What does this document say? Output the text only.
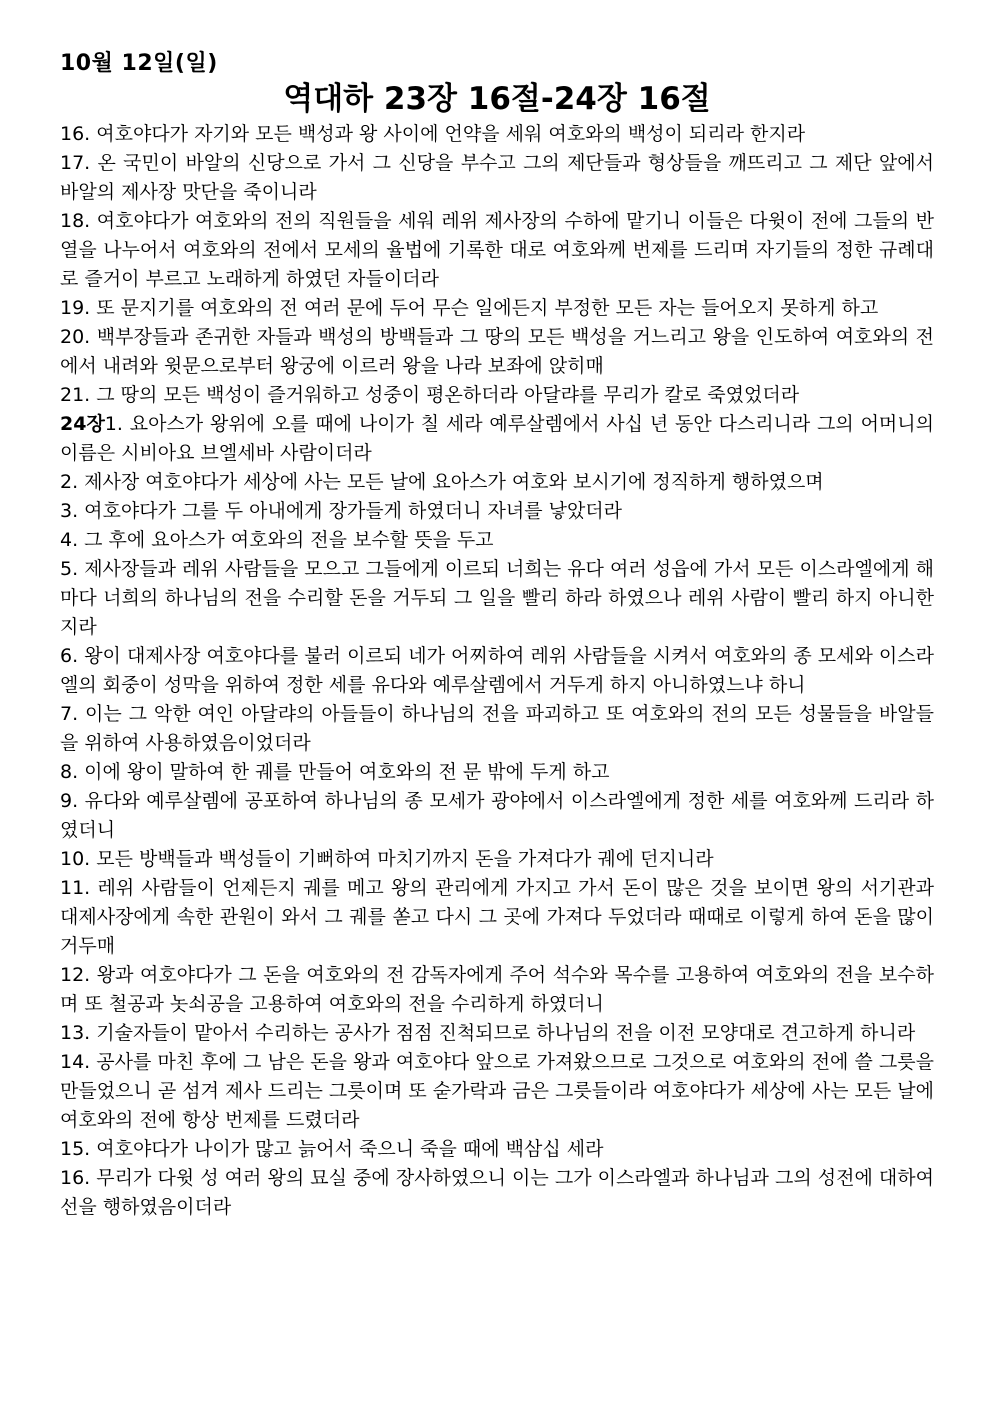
10월 12일(일)
역대하 23장 16절-24장 16절

16. 여호야다가 자기와 모든 백성과 왕 사이에 언약을 세워 여호와의 백성이 되리라 한지라

17. 온 국민이 바알의 신당으로 가서 그 신당을 부수고 그의 제단들과 형상들을 깨뜨리고 그 제단 앞에서 바알의 제사장 맛단을 죽이니라

18. 여호야다가 여호와의 전의 직원들을 세워 레위 제사장의 수하에 맡기니 이들은 다윗이 전에 그들의 반열을 나누어서 여호와의 전에서 모세의 율법에 기록한 대로 여호와께 번제를 드리며 자기들의 정한 규례대로 즐거이 부르고 노래하게 하였던 자들이더라

19. 또 문지기를 여호와의 전 여러 문에 두어 무슨 일에든지 부정한 모든 자는 들어오지 못하게 하고

20. 백부장들과 존귀한 자들과 백성의 방백들과 그 땅의 모든 백성을 거느리고 왕을 인도하여 여호와의 전에서 내려와 윗문으로부터 왕궁에 이르러 왕을 나라 보좌에 앉히매

21. 그 땅의 모든 백성이 즐거워하고 성중이 평온하더라 아달랴를 무리가 칼로 죽였었더라

24장1. 요아스가 왕위에 오를 때에 나이가 칠 세라 예루살렘에서 사십 년 동안 다스리니라 그의 어머니의 이름은 시비아요 브엘세바 사람이더라

2. 제사장 여호야다가 세상에 사는 모든 날에 요아스가 여호와 보시기에 정직하게 행하였으며

3. 여호야다가 그를 두 아내에게 장가들게 하였더니 자녀를 낳았더라

4. 그 후에 요아스가 여호와의 전을 보수할 뜻을 두고

5. 제사장들과 레위 사람들을 모으고 그들에게 이르되 너희는 유다 여러 성읍에 가서 모든 이스라엘에게 해마다 너희의 하나님의 전을 수리할 돈을 거두되 그 일을 빨리 하라 하였으나 레위 사람이 빨리 하지 아니한지라

6. 왕이 대제사장 여호야다를 불러 이르되 네가 어찌하여 레위 사람들을 시켜서 여호와의 종 모세와 이스라엘의 회중이 성막을 위하여 정한 세를 유다와 예루살렘에서 거두게 하지 아니하였느냐 하니

7. 이는 그 악한 여인 아달랴의 아들들이 하나님의 전을 파괴하고 또 여호와의 전의 모든 성물들을 바알들을 위하여 사용하였음이었더라

8. 이에 왕이 말하여 한 궤를 만들어 여호와의 전 문 밖에 두게 하고

9. 유다와 예루살렘에 공포하여 하나님의 종 모세가 광야에서 이스라엘에게 정한 세를 여호와께 드리라 하였더니

10. 모든 방백들과 백성들이 기뻐하여 마치기까지 돈을 가져다가 궤에 던지니라

11. 레위 사람들이 언제든지 궤를 메고 왕의 관리에게 가지고 가서 돈이 많은 것을 보이면 왕의 서기관과 대제사장에게 속한 관원이 와서 그 궤를 쏟고 다시 그 곳에 가져다 두었더라 때때로 이렇게 하여 돈을 많이 거두매

12. 왕과 여호야다가 그 돈을 여호와의 전 감독자에게 주어 석수와 목수를 고용하여 여호와의 전을 보수하며 또 철공과 놋쇠공을 고용하여 여호와의 전을 수리하게 하였더니

13. 기술자들이 맡아서 수리하는 공사가 점점 진척되므로 하나님의 전을 이전 모양대로 견고하게 하니라

14. 공사를 마친 후에 그 남은 돈을 왕과 여호야다 앞으로 가져왔으므로 그것으로 여호와의 전에 쓸 그릇을 만들었으니 곧 섬겨 제사 드리는 그릇이며 또 숟가락과 금은 그릇들이라 여호야다가 세상에 사는 모든 날에 여호와의 전에 항상 번제를 드렸더라

15. 여호야다가 나이가 많고 늙어서 죽으니 죽을 때에 백삼십 세라

16. 무리가 다윗 성 여러 왕의 묘실 중에 장사하였으니 이는 그가 이스라엘과 하나님과 그의 성전에 대하여 선을 행하였음이더라
